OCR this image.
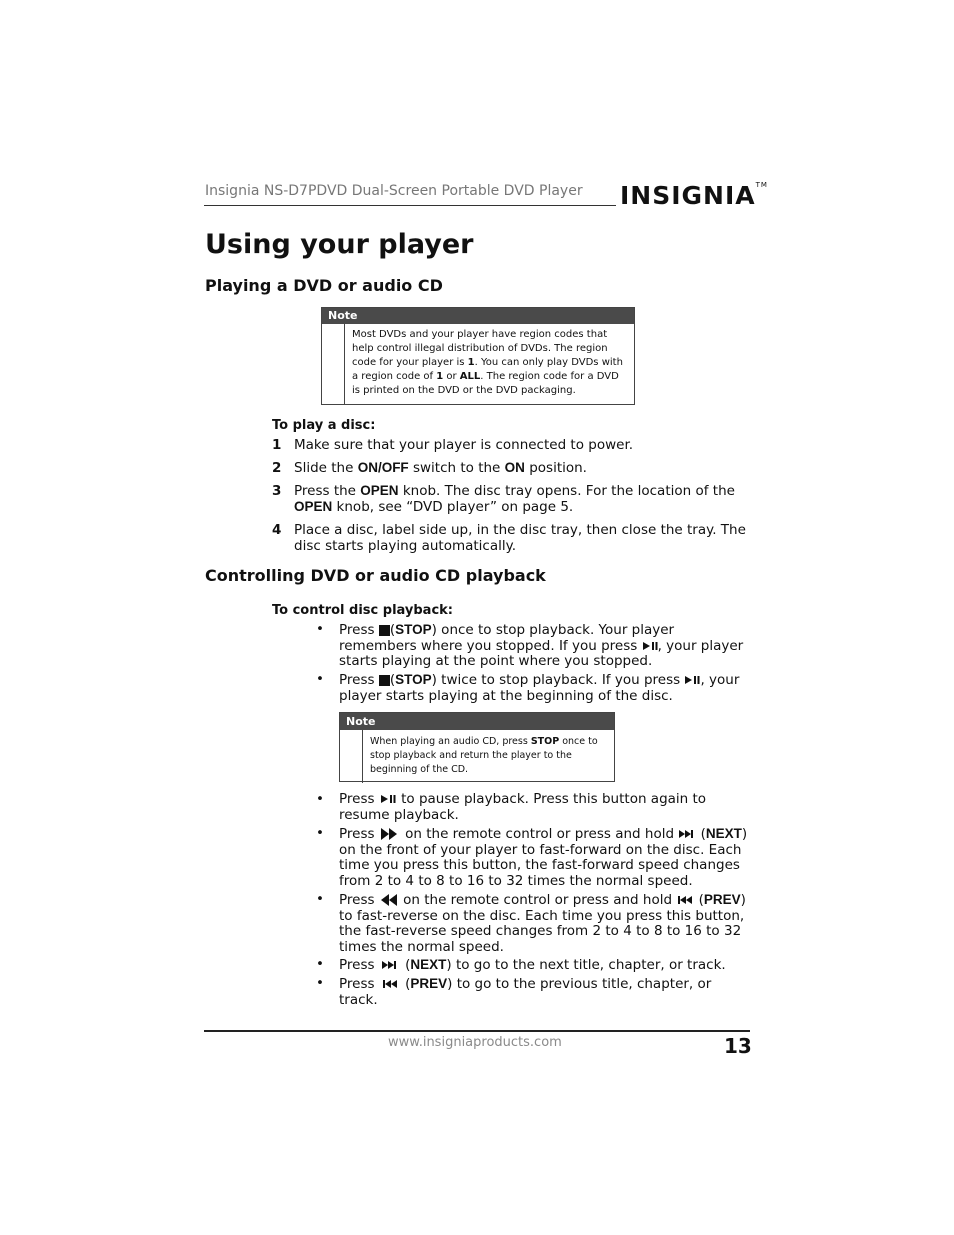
Insignia NS-D7PDVD Dual-Screen Portable DVD Player INSIGNIA™
Using your player
Playing a DVD or audio CD
Note
Most DVDs and your player have region codes that help control illegal distribution of DVDs. The region code for your player is 1. You can only play DVDs with a region code of 1 or ALL. The region code for a DVD is printed on the DVD or the DVD packaging.
To play a disc:
1 Make sure that your player is connected to power.
2 Slide the ON/OFF switch to the ON position.
3 Press the OPEN knob. The disc tray opens. For the location of the OPEN knob, see “DVD player” on page 5.
4 Place a disc, label side up, in the disc tray, then close the tray. The disc starts playing automatically.
Controlling DVD or audio CD playback
To control disc playback:
• Press (STOP) once to stop playback. Your player remembers where you stopped. If you press , your player starts playing at the point where you stopped.
• Press (STOP) twice to stop playback. If you press , your player starts playing at the beginning of the disc.
Note
When playing an audio CD, press STOP once to stop playback and return the player to the beginning of the CD.
• Press  to pause playback. Press this button again to resume playback.
• Press  on the remote control or press and hold  (NEXT) on the front of your player to fast-forward on the disc. Each time you press this button, the fast-forward speed changes from 2 to 4 to 8 to 16 to 32 times the normal speed.
• Press  on the remote control or press and hold  (PREV) to fast-reverse on the disc. Each time you press this button, the fast-reverse speed changes from 2 to 4 to 8 to 16 to 32 times the normal speed.
• Press  (NEXT) to go to the next title, chapter, or track.
• Press  (PREV) to go to the previous title, chapter, or track.
www.insigniaproducts.com	13
